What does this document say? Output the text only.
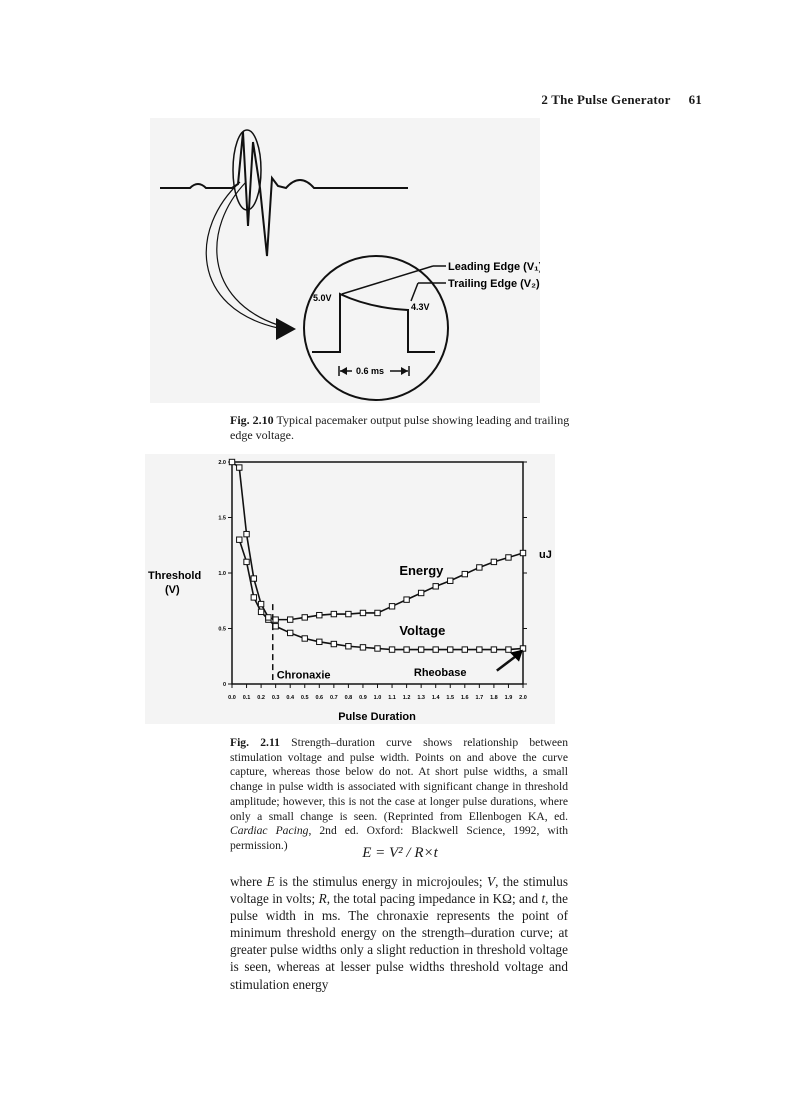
2 The Pulse Generator 61
Leading Edge (V₁)
Trailing Edge (V₂)
5.0V
4.3V
0.6 ms
Fig. 2.10 Typical pacemaker output pulse showing leading and trailing edge voltage.
0.0 0.1 0.2 0.3 0.4 0.5 0.6 0.7 0.8 0.9 1.0 1.1 1.2 1.3 1.4 1.5 1.6 1.7 1.8 1.9 2.0
0
0.5
1.0
1.5
2.0
Energy
Voltage
Chronaxie	Rheobase
Threshold (V)
uJ
Pulse Duration
Fig. 2.11 Strength–duration curve shows relationship between stimulation voltage and pulse width. Points on and above the curve capture, whereas those below do not. At short pulse widths, a small change in pulse width is associated with significant change in threshold amplitude; however, this is not the case at longer pulse durations, where only a small change is seen. (Reprinted from Ellenbogen KA, ed. Cardiac Pacing, 2nd ed. Oxford: Blackwell Science, 1992, with permission.)	E = V² / R×t
where E is the stimulus energy in microjoules; V, the stimulus voltage in volts; R, the total pacing impedance in KΩ; and t, the pulse width in ms. The chronaxie represents the point of minimum threshold energy on the strength–duration curve; at greater pulse widths only a slight reduction in threshold voltage is seen, whereas at lesser pulse widths threshold voltage and stimulation energy
